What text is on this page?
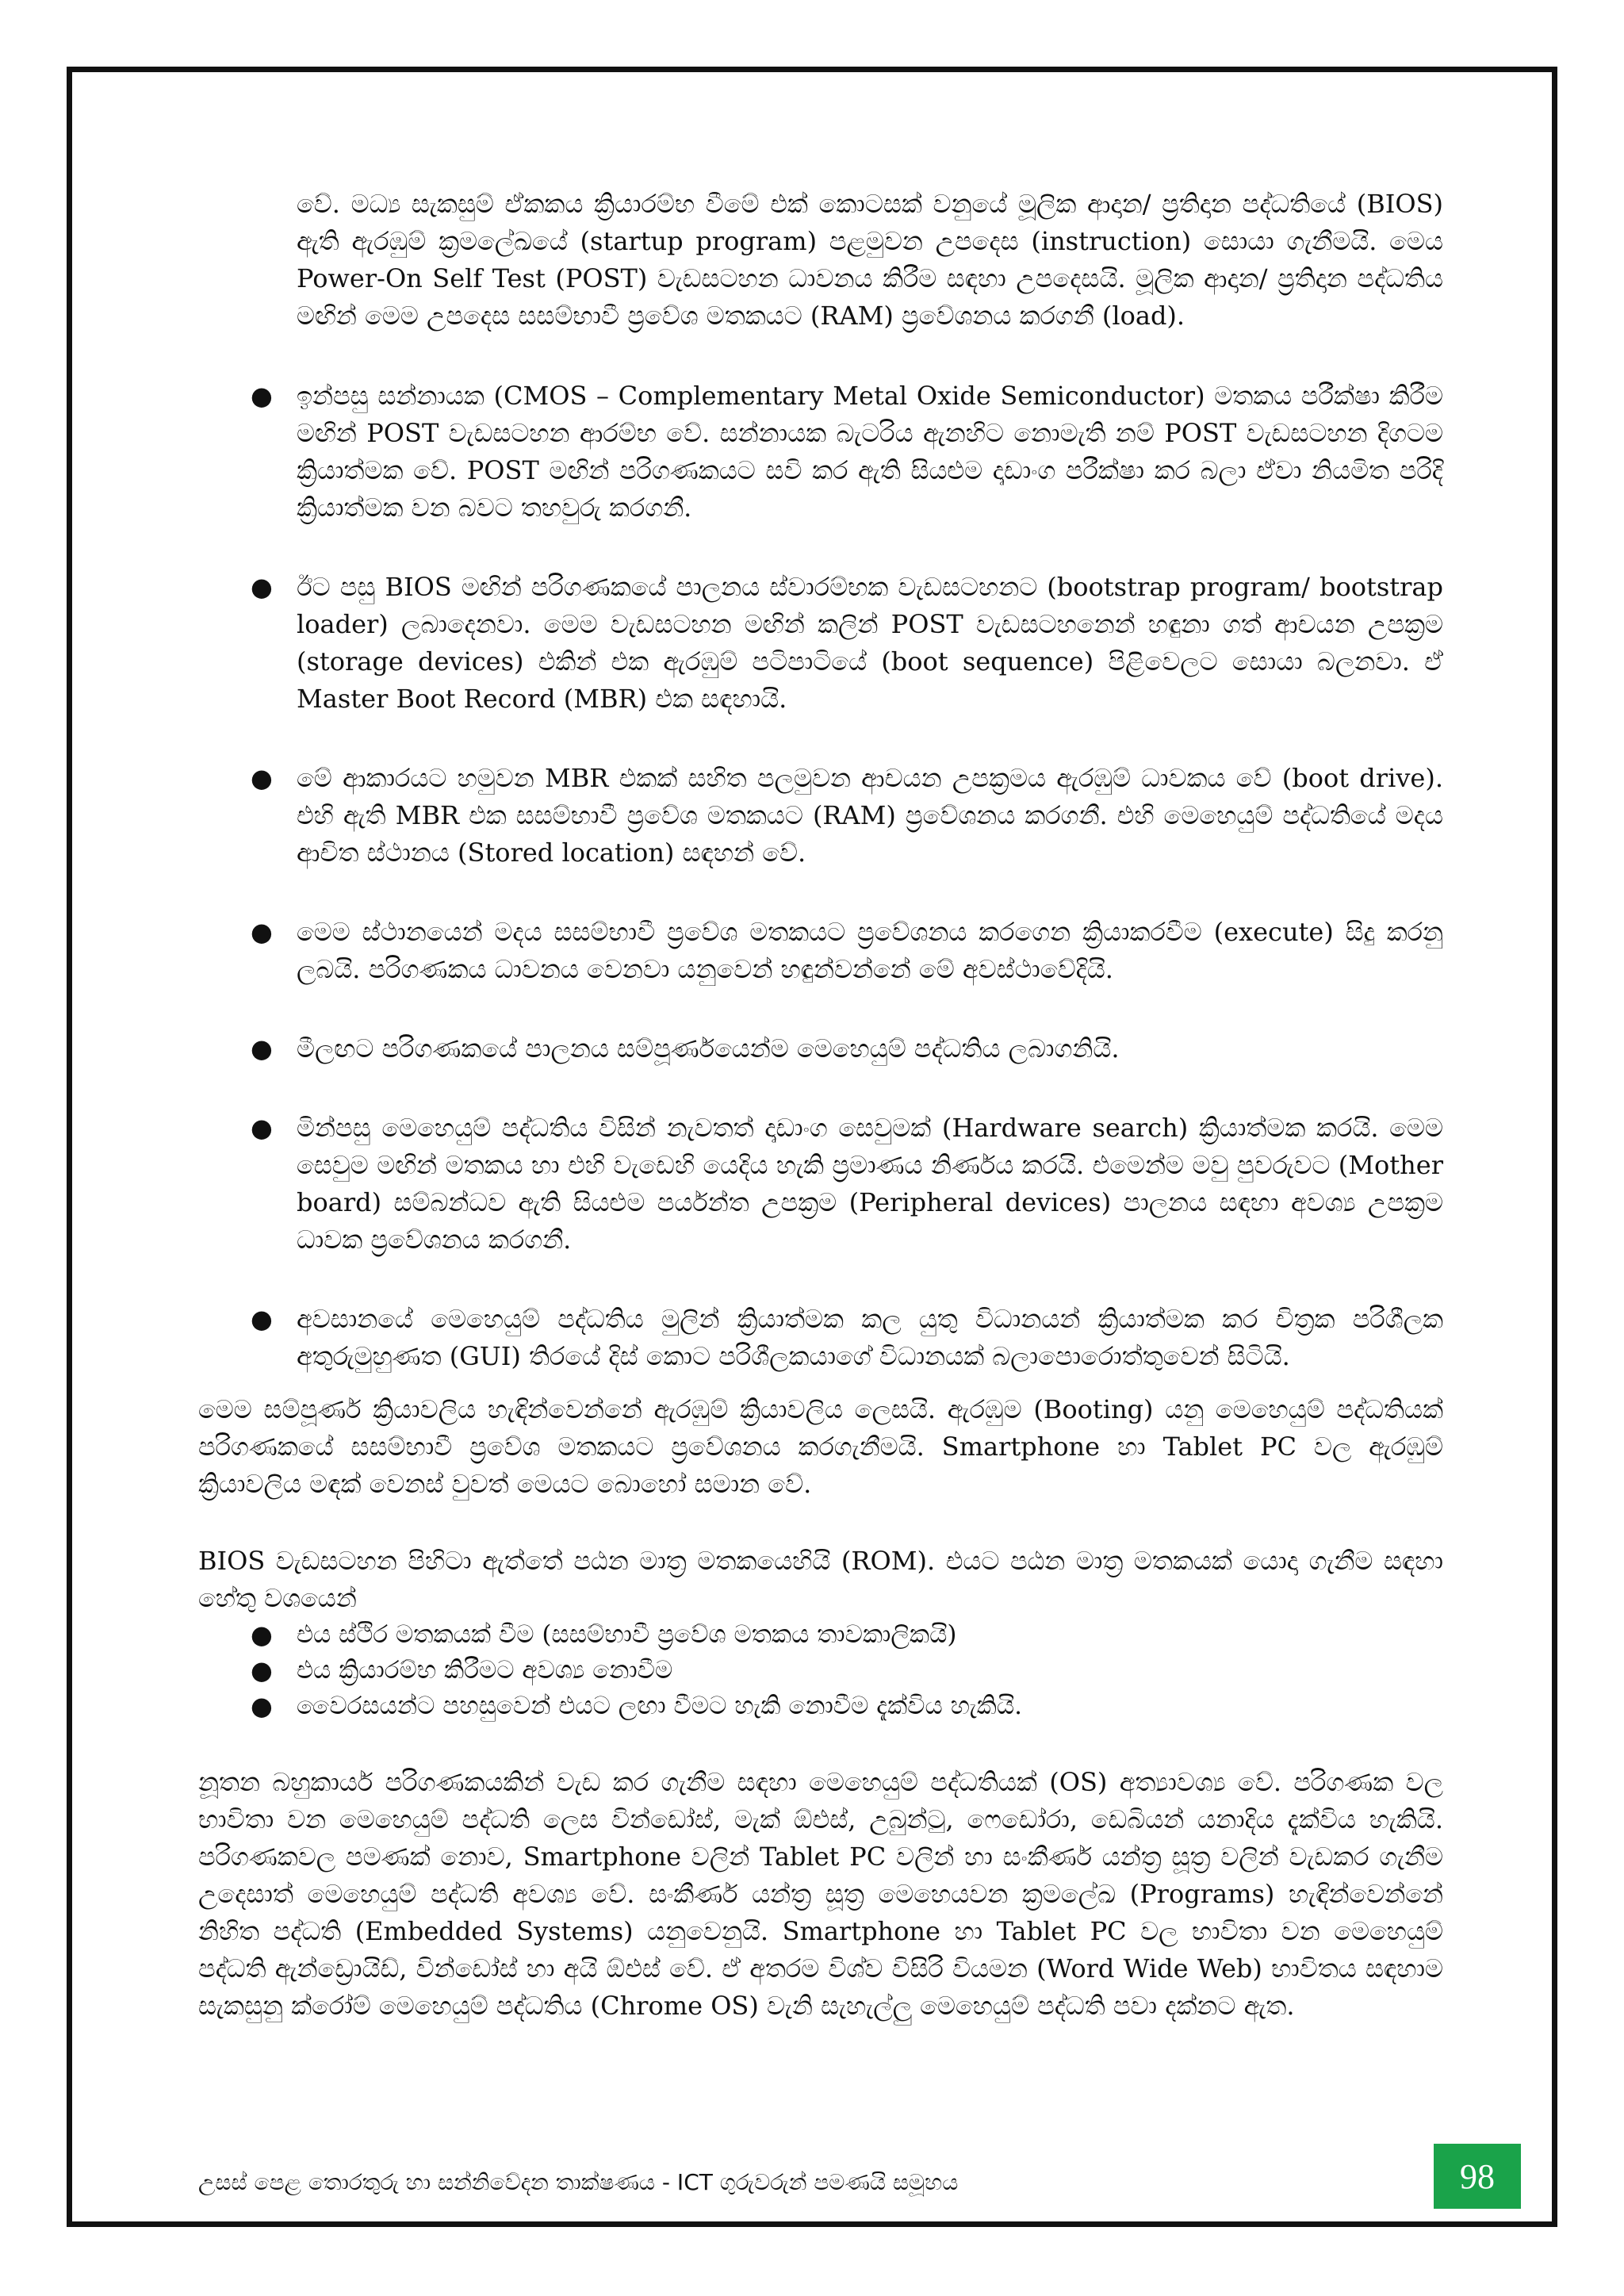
වේ. මධ්‍ය සැකසුම් ඒකකය ක්‍රියාරම්භ වීමේ එක් කොටසක් වනුයේ මූලික ආදාන/ ප්‍රතිදාන පද්ධතියේ (BIOS) ඇති ඇරඹුම් ක්‍රමලේඛයේ (startup program) පළමුවන උපදෙස (instruction) සොයා ගැනීමයි. මෙය Power-On Self Test (POST) වැඩසටහන ධාවනය කිරීම සඳහා උපදෙසයි. මූලික ආදාන/ ප්‍රතිදාන පද්ධතිය මඟින් මෙම උපදෙස සසම්භාවී ප්‍රවේශ මතකයට (RAM) ප්‍රවේශනය කරගනී (load).

● ඉන්පසු සන්නායක (CMOS – Complementary Metal Oxide Semiconductor) මතකය පරීක්ෂා කිරීම මඟින් POST වැඩසටහන ආරම්භ වේ. සන්නායක බැටරිය ඇනහිට නොමැති නම් POST වැඩසටහන දිගටම ක්‍රියාත්මක වේ. POST මඟින් පරිගණකයට සවි කර ඇති සියළුම දෘඩාංග පරීක්ෂා කර බලා ඒවා නියමිත පරිදි ක්‍රියාත්මක වන බවට තහවුරු කරගනී.

● ඊට පසු BIOS මඟින් පරිගණකයේ පාලනය ස්වාරම්භක වැඩසටහනට (bootstrap program/ bootstrap loader) ලබාදෙනවා. මෙම වැඩසටහන මඟින් කලින් POST වැඩසටහනෙන් හඳුනා ගත් ආචයන උපක්‍රම (storage devices) එකින් එක ඇරඹුම් පටිපාටියේ (boot sequence) පිළිවෙලට සොයා බලනවා. ඒ Master Boot Record (MBR) එක සඳහායි.

● මේ ආකාරයට හමුවන MBR එකක් සහිත පලමුවන ආචයන උපක්‍රමය ඇරඹුම් ධාවකය වේ (boot drive). එහි ඇති MBR එක සසම්භාවී ප්‍රවේශ මතකයට (RAM) ප්‍රවේශනය කරගනී. එහි මෙහෙයුම් පද්ධතියේ මදය ආචිත ස්ථානය (Stored location) සඳහන් වේ.

● මෙම ස්ථානයෙන් මදය සසම්භාවී ප්‍රවේශ මතකයට ප්‍රවේශනය කරගෙන ක්‍රියාකරවීම (execute) සිදු කරනු ලබයි. පරිගණකය ධාවනය වෙනවා යනුවෙන් හඳුන්වන්නේ මේ අවස්ථාවේදියි.

● මීලඟට පරිගණකයේ පාලනය සම්පූර්ණයෙන්ම මෙහෙයුම් පද්ධතිය ලබාගනියි.

● මින්පසු මෙහෙයුම් පද්ධතිය විසින් නැවතත් දෘඩාංග සෙවුමක් (Hardware search) ක්‍රියාත්මක කරයි. මෙම සෙවුම මඟින් මතකය හා එහි වැඩෙහි යෙදිය හැකි ප්‍රමාණය නිර්ණය කරයි. එමෙන්ම මවු පුවරුවට (Mother board) සම්බන්ධව ඇති සියළුම පර්යන්ත උපක්‍රම (Peripheral devices) පාලනය සඳහා අවශ්‍ය උපක්‍රම ධාවක ප්‍රවේශනය කරගනී.

● අවසානයේ මෙහෙයුම් පද්ධතිය මුලින් ක්‍රියාත්මක කල යුතු විධානයන් ක්‍රියාත්මක කර චිත්‍රක පරිශීලක අතුරුමුහුණත (GUI) තිරයේ දිස් කොට පරිශීලකයාගේ විධානයක් බලාපොරොත්තුවෙන් සිටියි.

මෙම සම්පූර්ණ ක්‍රියාවලිය හැඳින්වෙන්නේ ඇරඹුම් ක්‍රියාවලිය ලෙසයි. ඇරඹුම (Booting) යනු මෙහෙයුම් පද්ධතියක් පරිගණකයේ සසම්භාවී ප්‍රවේශ මතකයට ප්‍රවේශනය කරගැනීමයි. Smartphone හා Tablet PC වල ඇරඹුම් ක්‍රියාවලිය මඳක් වෙනස් වුවත් මෙයට බොහෝ සමාන වේ.

BIOS වැඩසටහන පිහිටා ඇත්තේ පඨන මාත්‍ර මතකයෙහියි (ROM). එයට පඨන මාත්‍ර මතකයක් යොදා ගැනීම සඳහා හේතු වශයෙන්

● එය ස්ථිර මතකයක් වීම (සසම්භාවී ප්‍රවේශ මතකය තාවකාලිකයි)
● එය ක්‍රියාරම්භ කිරීමට අවශ්‍ය නොවීම
● වෛරසයන්ට පහසුවෙන් එයට ලඟා වීමට හැකි නොවීම දැක්විය හැකියි.

නූතන බහුකාර්ය පරිගණකයකින් වැඩ කර ගැනීම සඳහා මෙහෙයුම් පද්ධතියක් (OS) අත්‍යාවශ්‍ය වේ. පරිගණක වල භාවිතා වන මෙහෙයුම් පද්ධති ලෙස වින්ඩෝස්, මැක් ඕඑස්, උබුන්ටු, ෆෙඩෝරා, ඩෙබියන් යනාදිය දැක්විය හැකියි. පරිගණකවල පමණක් නොව, Smartphone වලින් Tablet PC වලින් හා සංකීර්ණ යන්ත්‍ර සූත්‍ර වලින් වැඩකර ගැනීම උදෙසාත් මෙහෙයුම් පද්ධති අවශ්‍ය වේ. සංකීර්ණ යන්ත්‍ර සූත්‍ර මෙහෙයවන ක්‍රමලේඛ (Programs) හැඳින්වෙන්නේ නිහිත පද්ධති (Embedded Systems) යනුවෙනුයි. Smartphone හා Tablet PC වල භාවිතා වන මෙහෙයුම් පද්ධති ඇන්ඩ්‍රොයිඩ්, වින්ඩෝස් හා අයි ඕඑස් වේ. ඒ අතරම විශ්ව විසිරි වියමන (Word Wide Web) භාවිතය සඳහාම සැකසුනු ක්රෝම් මෙහෙයුම් පද්ධතිය (Chrome OS) වැනි සැහැල්ලු මෙහෙයුම් පද්ධති පවා දක්නට ඇත.

උසස් පෙළ තොරතුරු හා සන්නිවේදන තාක්ෂණය - ICT ගුරුවරුන් පමණයි සමූහය	98
